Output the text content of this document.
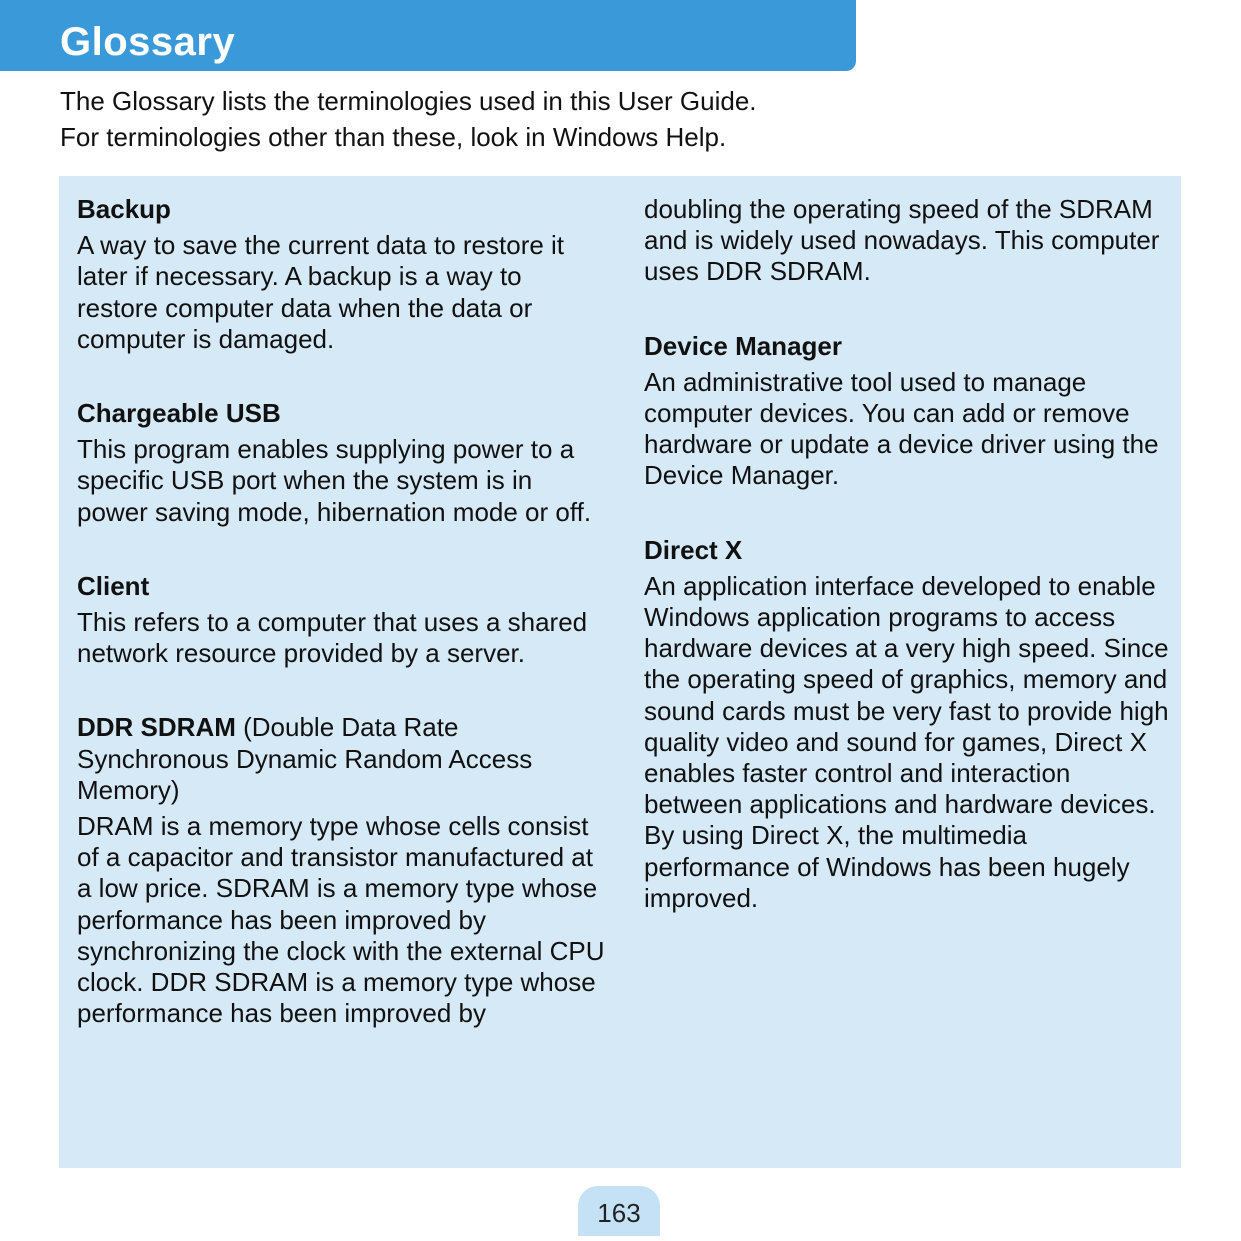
Glossary
The Glossary lists the terminologies used in this User Guide.
For terminologies other than these, look in Windows Help.
Backup
A way to save the current data to restore it later if necessary. A backup is a way to restore computer data when the data or computer is damaged.
Chargeable USB
This program enables supplying power to a specific USB port when the system is in power saving mode, hibernation mode or off.
Client
This refers to a computer that uses a shared network resource provided by a server.
DDR SDRAM (Double Data Rate Synchronous Dynamic Random Access Memory)
DRAM is a memory type whose cells consist of a capacitor and transistor manufactured at a low price. SDRAM is a memory type whose performance has been improved by synchronizing the clock with the external CPU clock. DDR SDRAM is a memory type whose performance has been improved by
doubling the operating speed of the SDRAM and is widely used nowadays. This computer uses DDR SDRAM.
Device Manager
An administrative tool used to manage computer devices. You can add or remove hardware or update a device driver using the Device Manager.
Direct X
An application interface developed to enable Windows application programs to access hardware devices at a very high speed. Since the operating speed of graphics, memory and sound cards must be very fast to provide high quality video and sound for games, Direct X enables faster control and interaction between applications and hardware devices. By using Direct X, the multimedia performance of Windows has been hugely improved.
163
